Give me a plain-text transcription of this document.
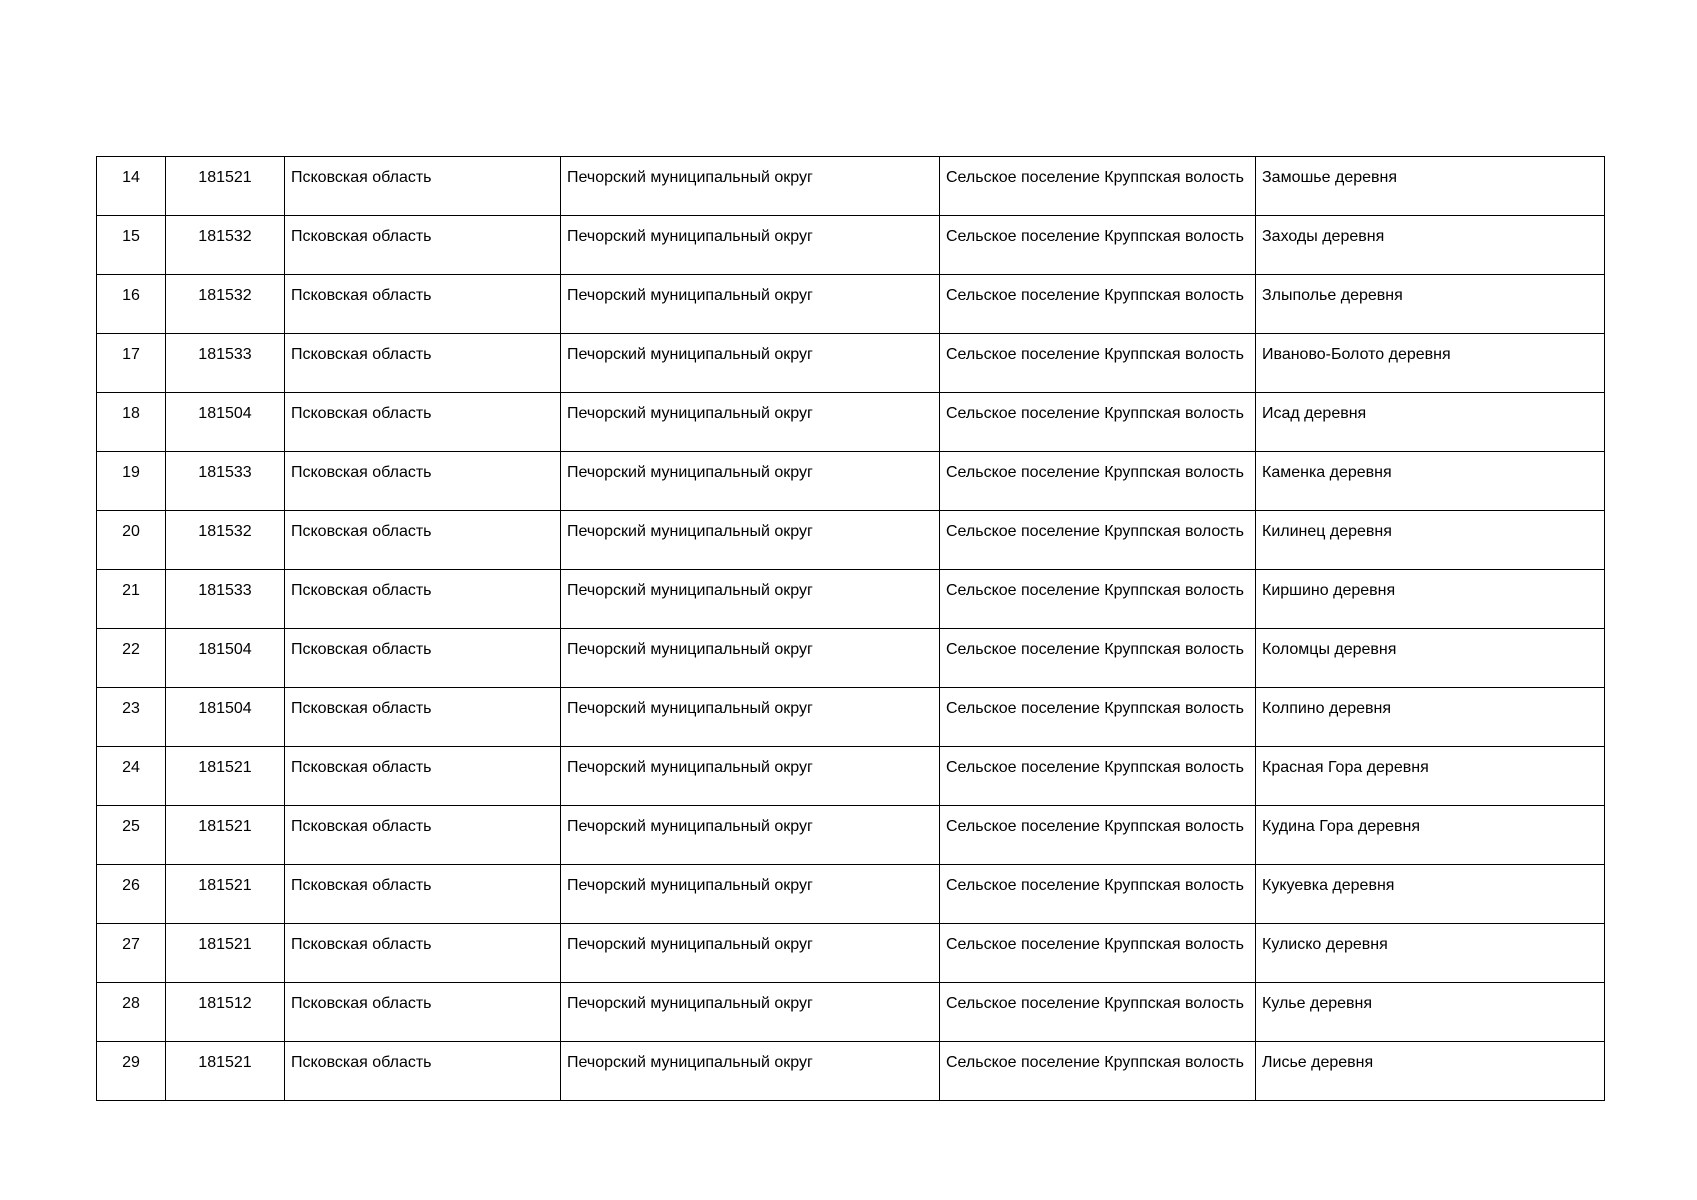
14	181521	Псковская область	Печорский муниципальный округ	Сельское поселение Круппская волость	Замошье деревня
15	181532	Псковская область	Печорский муниципальный округ	Сельское поселение Круппская волость	Заходы деревня
16	181532	Псковская область	Печорский муниципальный округ	Сельское поселение Круппская волость	Злыполье деревня
17	181533	Псковская область	Печорский муниципальный округ	Сельское поселение Круппская волость	Иваново-Болото деревня
18	181504	Псковская область	Печорский муниципальный округ	Сельское поселение Круппская волость	Исад деревня
19	181533	Псковская область	Печорский муниципальный округ	Сельское поселение Круппская волость	Каменка деревня
20	181532	Псковская область	Печорский муниципальный округ	Сельское поселение Круппская волость	Килинец деревня
21	181533	Псковская область	Печорский муниципальный округ	Сельское поселение Круппская волость	Киршино деревня
22	181504	Псковская область	Печорский муниципальный округ	Сельское поселение Круппская волость	Коломцы деревня
23	181504	Псковская область	Печорский муниципальный округ	Сельское поселение Круппская волость	Колпино деревня
24	181521	Псковская область	Печорский муниципальный округ	Сельское поселение Круппская волость	Красная Гора деревня
25	181521	Псковская область	Печорский муниципальный округ	Сельское поселение Круппская волость	Кудина Гора деревня
26	181521	Псковская область	Печорский муниципальный округ	Сельское поселение Круппская волость	Кукуевка деревня
27	181521	Псковская область	Печорский муниципальный округ	Сельское поселение Круппская волость	Кулиско деревня
28	181512	Псковская область	Печорский муниципальный округ	Сельское поселение Круппская волость	Кулье деревня
29	181521	Псковская область	Печорский муниципальный округ	Сельское поселение Круппская волость	Лисье деревня
